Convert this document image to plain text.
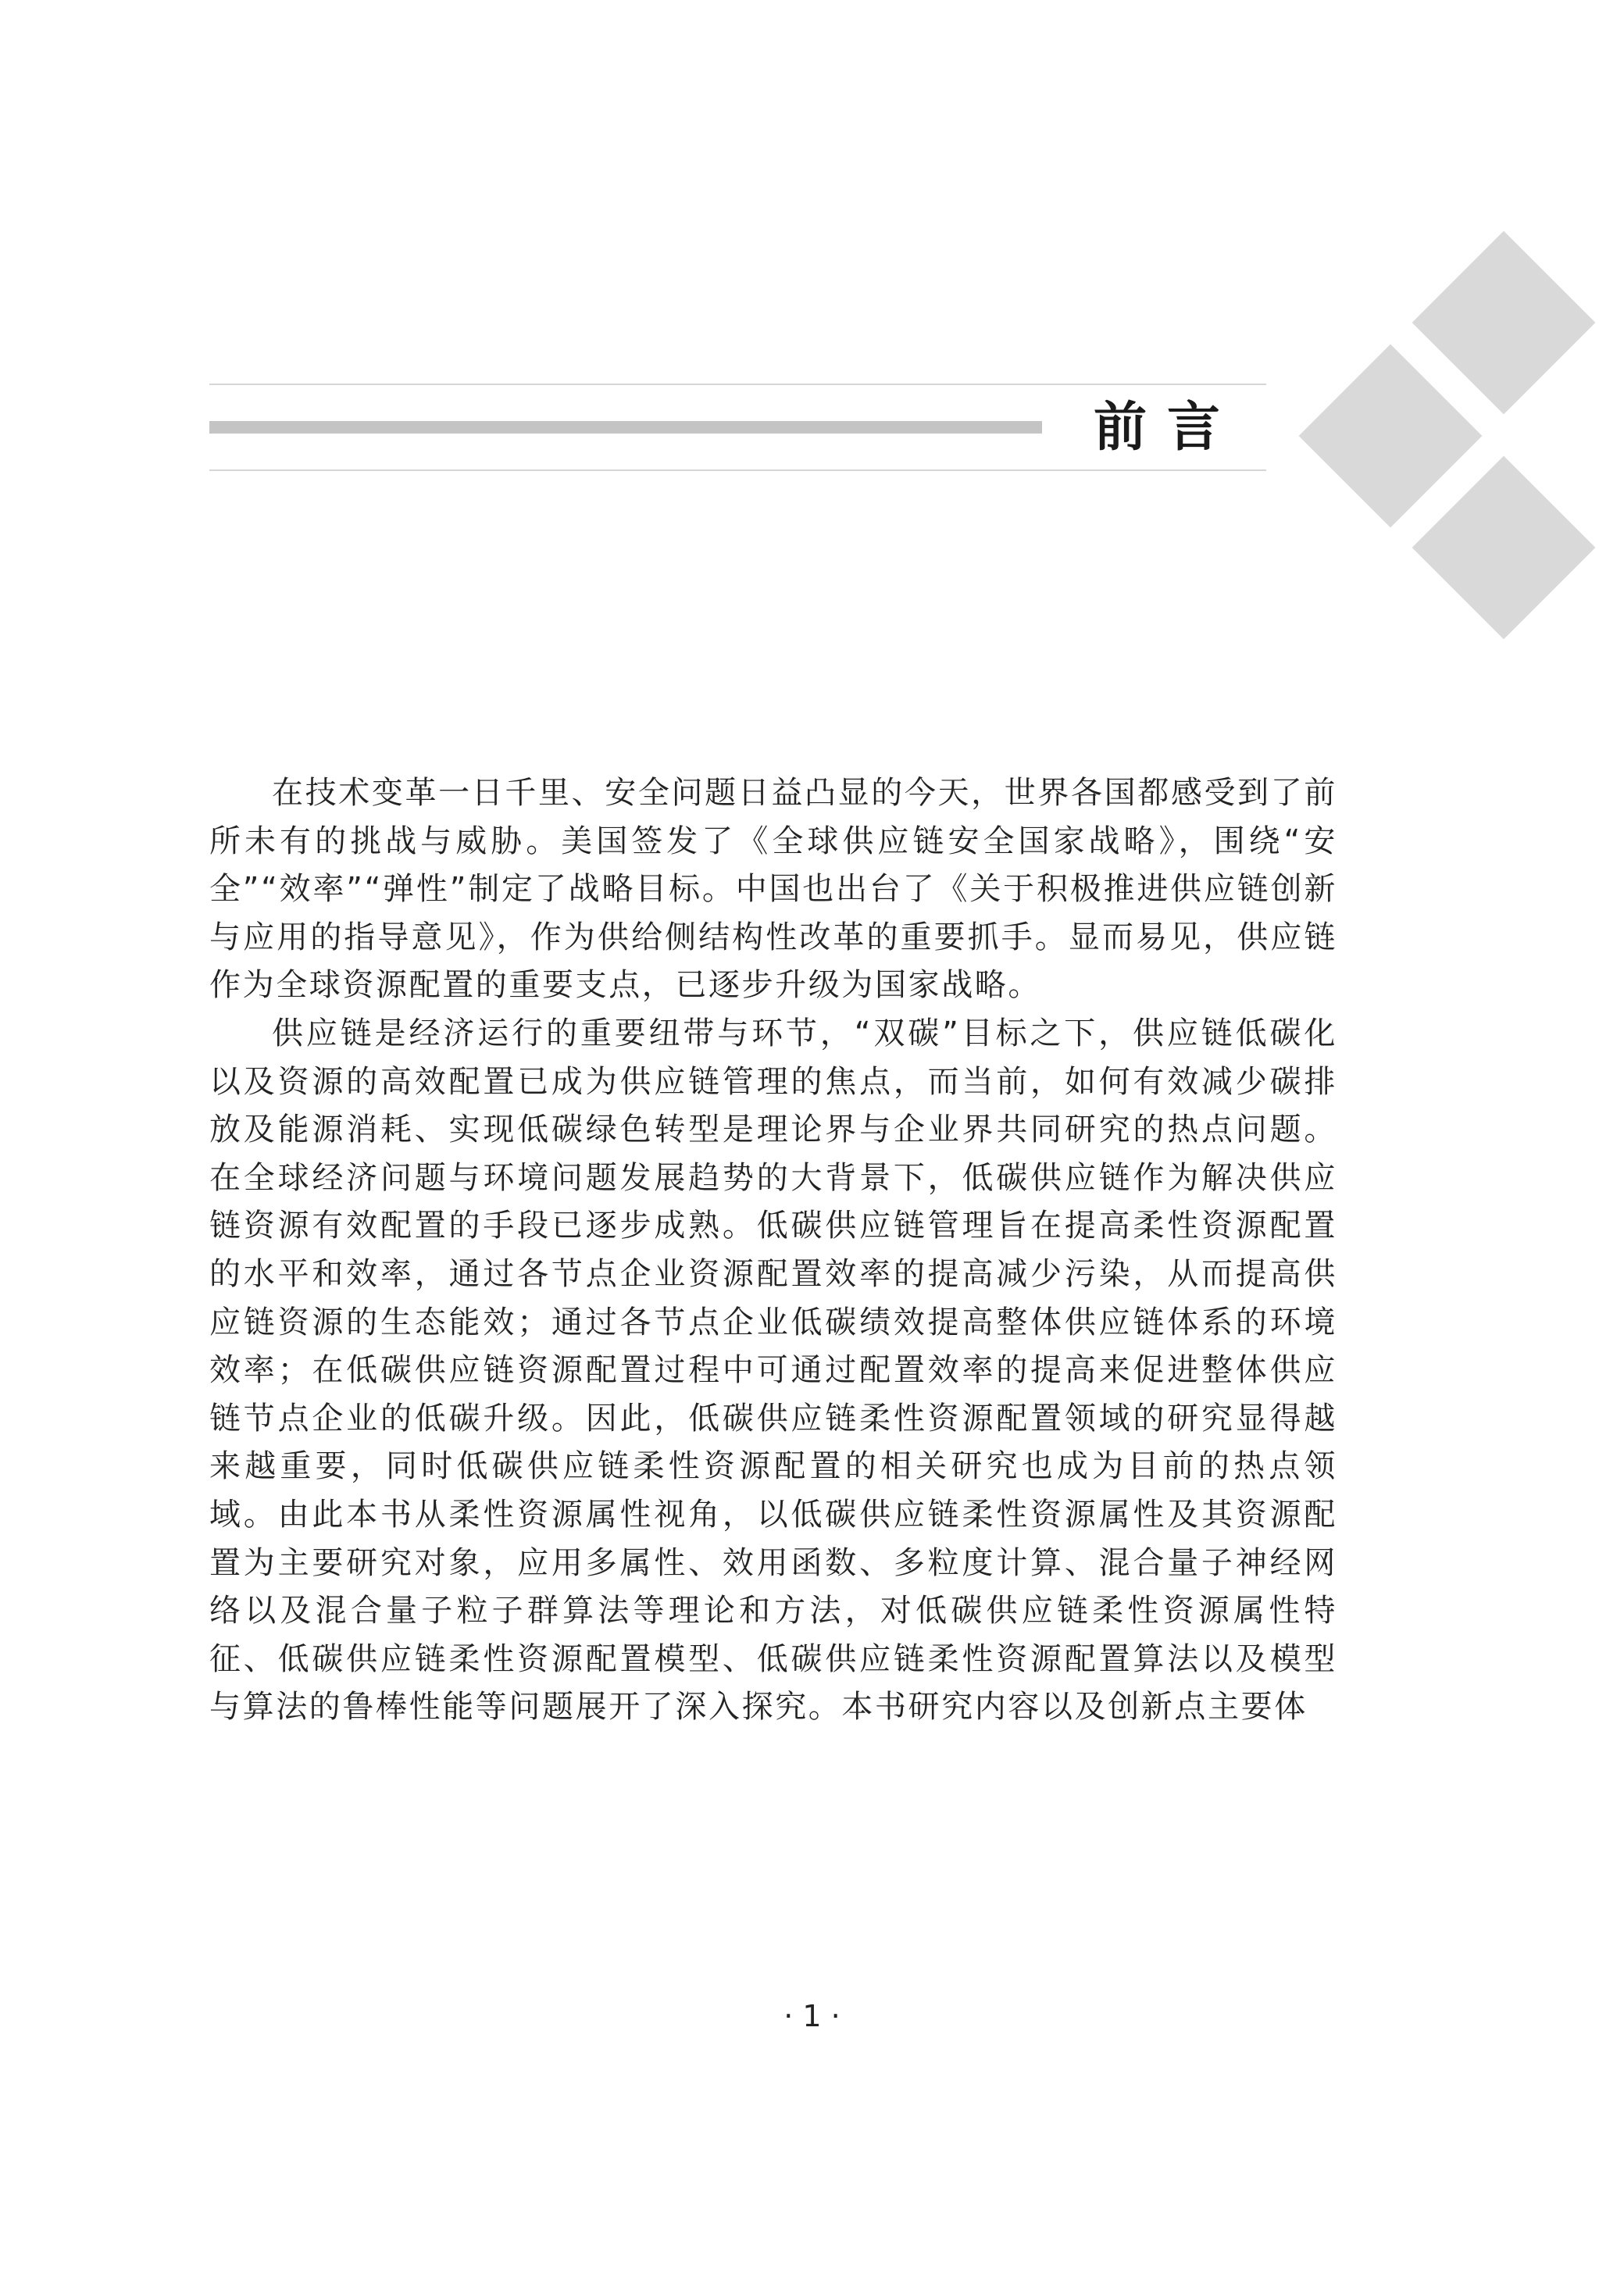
前言

在技术变革一日千里、安全问题日益凸显的今天，世界各国都感受到了前所未有的挑战与威胁。美国签发了《全球供应链安全国家战略》，围绕“安全”“效率”“弹性”制定了战略目标。中国也出台了《关于积极推进供应链创新与应用的指导意见》，作为供给侧结构性改革的重要抓手。显而易见，供应链作为全球资源配置的重要支点，已逐步升级为国家战略。

供应链是经济运行的重要纽带与环节，“双碳”目标之下，供应链低碳化以及资源的高效配置已成为供应链管理的焦点，而当前，如何有效减少碳排放及能源消耗、实现低碳绿色转型是理论界与企业界共同研究的热点问题。在全球经济问题与环境问题发展趋势的大背景下，低碳供应链作为解决供应链资源有效配置的手段已逐步成熟。低碳供应链管理旨在提高柔性资源配置的水平和效率，通过各节点企业资源配置效率的提高减少污染，从而提高供应链资源的生态能效；通过各节点企业低碳绩效提高整体供应链体系的环境效率；在低碳供应链资源配置过程中可通过配置效率的提高来促进整体供应链节点企业的低碳升级。因此，低碳供应链柔性资源配置领域的研究显得越来越重要，同时低碳供应链柔性资源配置的相关研究也成为目前的热点领域。由此本书从柔性资源属性视角，以低碳供应链柔性资源属性及其资源配置为主要研究对象，应用多属性、效用函数、多粒度计算、混合量子神经网络以及混合量子粒子群算法等理论和方法，对低碳供应链柔性资源属性特征、低碳供应链柔性资源配置模型、低碳供应链柔性资源配置算法以及模型与算法的鲁棒性能等问题展开了深入探究。本书研究内容以及创新点主要体

· 1 ·
